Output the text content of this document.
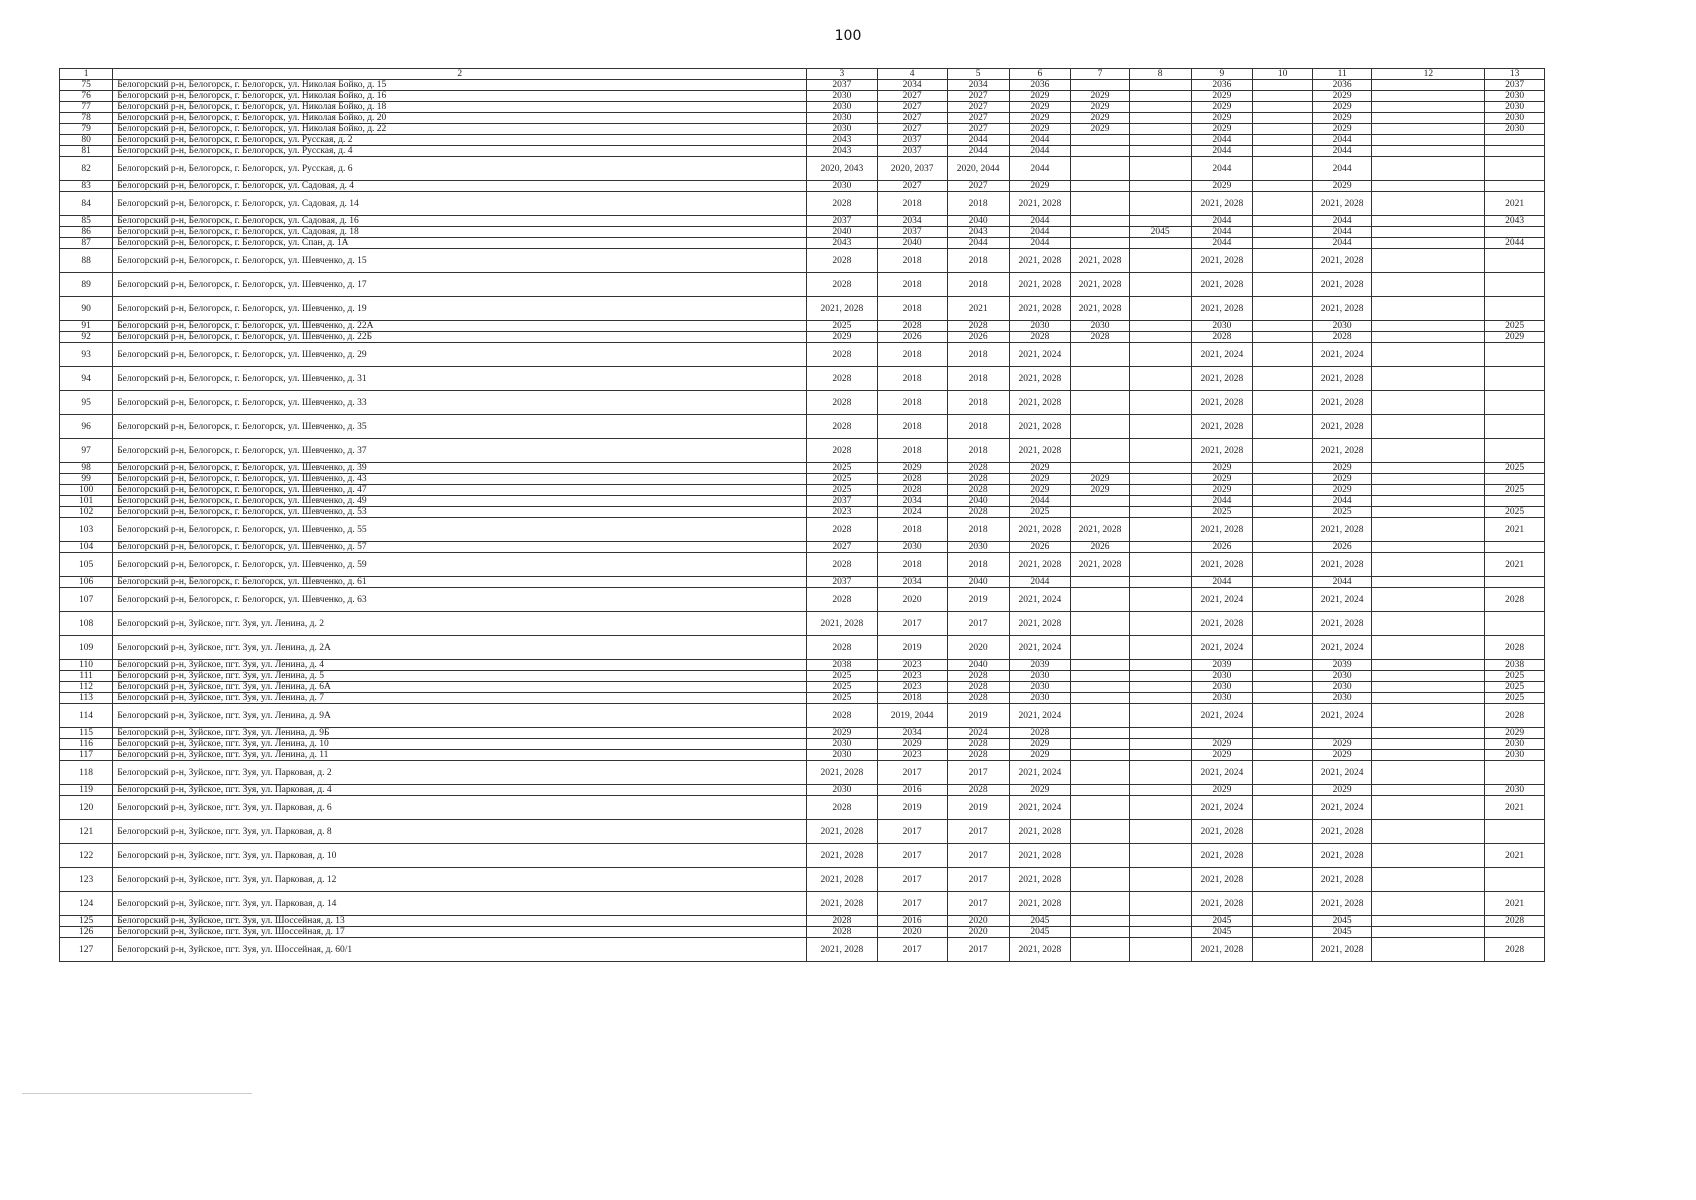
100
1	2	3	4	5	6	7	8	9	10	11	12	13
75	Белогорский р-н, Белогорск, г. Белогорск, ул. Николая Бойко, д. 15	2037	2034	2034	2036			2036		2036		2037
76	Белогорский р-н, Белогорск, г. Белогорск, ул. Николая Бойко, д. 16	2030	2027	2027	2029	2029		2029		2029		2030
77	Белогорский р-н, Белогорск, г. Белогорск, ул. Николая Бойко, д. 18	2030	2027	2027	2029	2029		2029		2029		2030
78	Белогорский р-н, Белогорск, г. Белогорск, ул. Николая Бойко, д. 20	2030	2027	2027	2029	2029		2029		2029		2030
79	Белогорский р-н, Белогорск, г. Белогорск, ул. Николая Бойко, д. 22	2030	2027	2027	2029	2029		2029		2029		2030
80	Белогорский р-н, Белогорск, г. Белогорск, ул. Русская, д. 2	2043	2037	2044	2044			2044		2044		
81	Белогорский р-н, Белогорск, г. Белогорск, ул. Русская, д. 4	2043	2037	2044	2044			2044		2044		
82	Белогорский р-н, Белогорск, г. Белогорск, ул. Русская, д. 6	2020, 2043	2020, 2037	2020, 2044	2044			2044		2044		
83	Белогорский р-н, Белогорск, г. Белогорск, ул. Садовая, д. 4	2030	2027	2027	2029			2029		2029		
84	Белогорский р-н, Белогорск, г. Белогорск, ул. Садовая, д. 14	2028	2018	2018	2021, 2028			2021, 2028		2021, 2028		2021
85	Белогорский р-н, Белогорск, г. Белогорск, ул. Садовая, д. 16	2037	2034	2040	2044			2044		2044		2043
86	Белогорский р-н, Белогорск, г. Белогорск, ул. Садовая, д. 18	2040	2037	2043	2044		2045	2044		2044		
87	Белогорский р-н, Белогорск, г. Белогорск, ул. Спан, д. 1А	2043	2040	2044	2044			2044		2044		2044
88	Белогорский р-н, Белогорск, г. Белогорск, ул. Шевченко, д. 15	2028	2018	2018	2021, 2028	2021, 2028		2021, 2028		2021, 2028		
89	Белогорский р-н, Белогорск, г. Белогорск, ул. Шевченко, д. 17	2028	2018	2018	2021, 2028	2021, 2028		2021, 2028		2021, 2028		
90	Белогорский р-н, Белогорск, г. Белогорск, ул. Шевченко, д. 19	2021, 2028	2018	2021	2021, 2028	2021, 2028		2021, 2028		2021, 2028		
91	Белогорский р-н, Белогорск, г. Белогорск, ул. Шевченко, д. 22А	2025	2028	2028	2030	2030		2030		2030		2025
92	Белогорский р-н, Белогорск, г. Белогорск, ул. Шевченко, д. 22Б	2029	2026	2026	2028	2028		2028		2028		2029
93	Белогорский р-н, Белогорск, г. Белогорск, ул. Шевченко, д. 29	2028	2018	2018	2021, 2024			2021, 2024		2021, 2024		
94	Белогорский р-н, Белогорск, г. Белогорск, ул. Шевченко, д. 31	2028	2018	2018	2021, 2028			2021, 2028		2021, 2028		
95	Белогорский р-н, Белогорск, г. Белогорск, ул. Шевченко, д. 33	2028	2018	2018	2021, 2028			2021, 2028		2021, 2028		
96	Белогорский р-н, Белогорск, г. Белогорск, ул. Шевченко, д. 35	2028	2018	2018	2021, 2028			2021, 2028		2021, 2028		
97	Белогорский р-н, Белогорск, г. Белогорск, ул. Шевченко, д. 37	2028	2018	2018	2021, 2028			2021, 2028		2021, 2028		
98	Белогорский р-н, Белогорск, г. Белогорск, ул. Шевченко, д. 39	2025	2029	2028	2029			2029		2029		2025
99	Белогорский р-н, Белогорск, г. Белогорск, ул. Шевченко, д. 43	2025	2028	2028	2029	2029		2029		2029		
100	Белогорский р-н, Белогорск, г. Белогорск, ул. Шевченко, д. 47	2025	2028	2028	2029	2029		2029		2029		2025
101	Белогорский р-н, Белогорск, г. Белогорск, ул. Шевченко, д. 49	2037	2034	2040	2044			2044		2044		
102	Белогорский р-н, Белогорск, г. Белогорск, ул. Шевченко, д. 53	2023	2024	2028	2025			2025		2025		2025
103	Белогорский р-н, Белогорск, г. Белогорск, ул. Шевченко, д. 55	2028	2018	2018	2021, 2028	2021, 2028		2021, 2028		2021, 2028		2021
104	Белогорский р-н, Белогорск, г. Белогорск, ул. Шевченко, д. 57	2027	2030	2030	2026	2026		2026		2026		
105	Белогорский р-н, Белогорск, г. Белогорск, ул. Шевченко, д. 59	2028	2018	2018	2021, 2028	2021, 2028		2021, 2028		2021, 2028		2021
106	Белогорский р-н, Белогорск, г. Белогорск, ул. Шевченко, д. 61	2037	2034	2040	2044			2044		2044		
107	Белогорский р-н, Белогорск, г. Белогорск, ул. Шевченко, д. 63	2028	2020	2019	2021, 2024			2021, 2024		2021, 2024		2028
108	Белогорский р-н, Зуйское, пгт. Зуя, ул. Ленина, д. 2	2021, 2028	2017	2017	2021, 2028			2021, 2028		2021, 2028		
109	Белогорский р-н, Зуйское, пгт. Зуя, ул. Ленина, д. 2А	2028	2019	2020	2021, 2024			2021, 2024		2021, 2024		2028
110	Белогорский р-н, Зуйское, пгт. Зуя, ул. Ленина, д. 4	2038	2023	2040	2039			2039		2039		2038
111	Белогорский р-н, Зуйское, пгт. Зуя, ул. Ленина, д. 5	2025	2023	2028	2030			2030		2030		2025
112	Белогорский р-н, Зуйское, пгт. Зуя, ул. Ленина, д. 6А	2025	2023	2028	2030			2030		2030		2025
113	Белогорский р-н, Зуйское, пгт. Зуя, ул. Ленина, д. 7	2025	2018	2028	2030			2030		2030		2025
114	Белогорский р-н, Зуйское, пгт. Зуя, ул. Ленина, д. 9А	2028	2019, 2044	2019	2021, 2024			2021, 2024		2021, 2024		2028
115	Белогорский р-н, Зуйское, пгт. Зуя, ул. Ленина, д. 9Б	2029	2034	2024	2028							2029
116	Белогорский р-н, Зуйское, пгт. Зуя, ул. Ленина, д. 10	2030	2029	2028	2029			2029		2029		2030
117	Белогорский р-н, Зуйское, пгт. Зуя, ул. Ленина, д. 11	2030	2023	2028	2029			2029		2029		2030
118	Белогорский р-н, Зуйское, пгт. Зуя, ул. Парковая, д. 2	2021, 2028	2017	2017	2021, 2024			2021, 2024		2021, 2024		
119	Белогорский р-н, Зуйское, пгт. Зуя, ул. Парковая, д. 4	2030	2016	2028	2029			2029		2029		2030
120	Белогорский р-н, Зуйское, пгт. Зуя, ул. Парковая, д. 6	2028	2019	2019	2021, 2024			2021, 2024		2021, 2024		2021
121	Белогорский р-н, Зуйское, пгт. Зуя, ул. Парковая, д. 8	2021, 2028	2017	2017	2021, 2028			2021, 2028		2021, 2028		
122	Белогорский р-н, Зуйское, пгт. Зуя, ул. Парковая, д. 10	2021, 2028	2017	2017	2021, 2028			2021, 2028		2021, 2028		2021
123	Белогорский р-н, Зуйское, пгт. Зуя, ул. Парковая, д. 12	2021, 2028	2017	2017	2021, 2028			2021, 2028		2021, 2028		
124	Белогорский р-н, Зуйское, пгт. Зуя, ул. Парковая, д. 14	2021, 2028	2017	2017	2021, 2028			2021, 2028		2021, 2028		2021
125	Белогорский р-н, Зуйское, пгт. Зуя, ул. Шоссейная, д. 13	2028	2016	2020	2045			2045		2045		2028
126	Белогорский р-н, Зуйское, пгт. Зуя, ул. Шоссейная, д. 17	2028	2020	2020	2045			2045		2045		
127	Белогорский р-н, Зуйское, пгт. Зуя, ул. Шоссейная, д. 60/1	2021, 2028	2017	2017	2021, 2028			2021, 2028		2021, 2028		2028
